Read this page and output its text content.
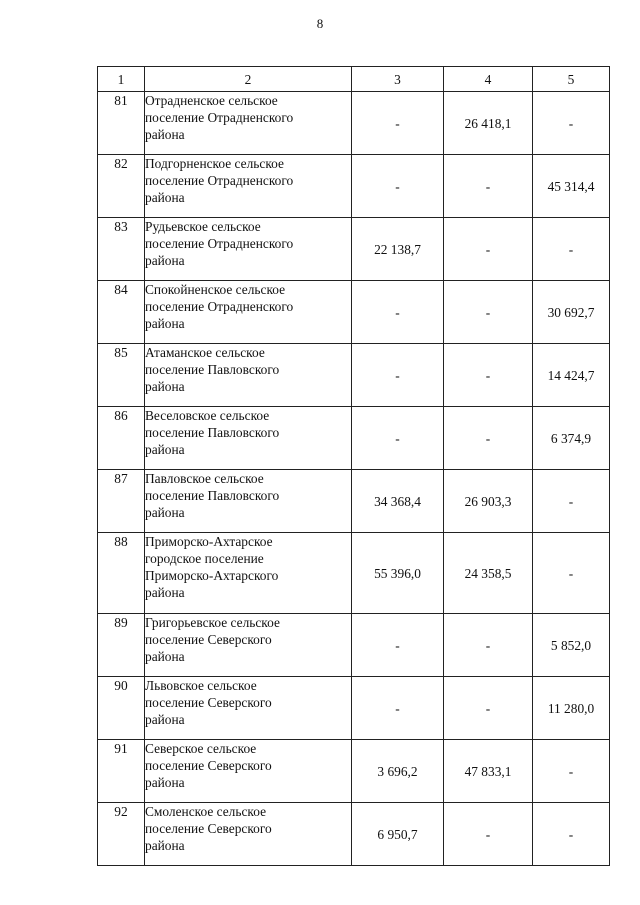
8
1	2	3	4	5
81	Отрадненское сельское
поселение Отрадненского
района	-	26 418,1	-
82	Подгорненское сельское
поселение Отрадненского
района	-	-	45 314,4
83	Рудьевское сельское
поселение Отрадненского
района	22 138,7	-	-
84	Спокойненское сельское
поселение Отрадненского
района	-	-	30 692,7
85	Атаманское сельское
поселение Павловского
района	-	-	14 424,7
86	Веселовское сельское
поселение Павловского
района	-	-	6 374,9
87	Павловское сельское
поселение Павловского
района	34 368,4	26 903,3	-
88	Приморско-Ахтарское
городское поселение
Приморско-Ахтарского
района	55 396,0	24 358,5	-
89	Григорьевское сельское
поселение Северского
района	-	-	5 852,0
90	Львовское сельское
поселение Северского
района	-	-	11 280,0
91	Северское сельское
поселение Северского
района	3 696,2	47 833,1	-
92	Смоленское сельское
поселение Северского
района	6 950,7	-	-
